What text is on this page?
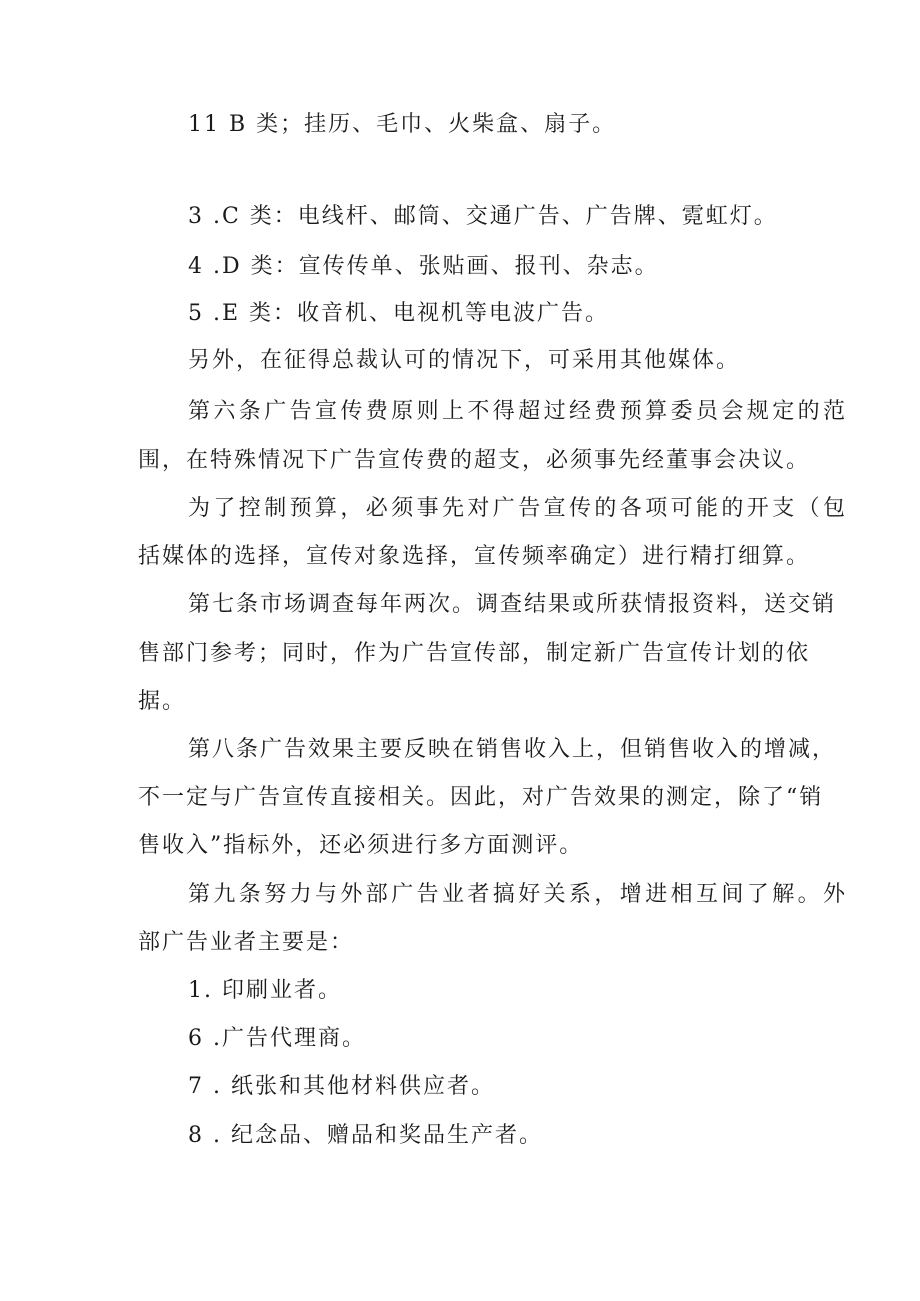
11 B 类；挂历、毛巾、火柴盒、扇子。
3 .C 类：电线杆、邮筒、交通广告、广告牌、霓虹灯。
4 .D 类：宣传传单、张贴画、报刊、杂志。
5 .E 类：收音机、电视机等电波广告。
另外，在征得总裁认可的情况下，可采用其他媒体。
第六条广告宣传费原则上不得超过经费预算委员会规定的范
围，在特殊情况下广告宣传费的超支，必须事先经董事会决议。
为了控制预算，必须事先对广告宣传的各项可能的开支（包
括媒体的选择，宣传对象选择，宣传频率确定）进行精打细算。
第七条市场调查每年两次。调查结果或所获情报资料，送交销
售部门参考；同时，作为广告宣传部，制定新广告宣传计划的依
据。
第八条广告效果主要反映在销售收入上，但销售收入的增减，
不一定与广告宣传直接相关。因此，对广告效果的测定，除了“销
售收入”指标外，还必须进行多方面测评。
第九条努力与外部广告业者搞好关系，增进相互间了解。外
部广告业者主要是：
1. 印刷业者。
6 .广告代理商。
7 . 纸张和其他材料供应者。
8 . 纪念品、赠品和奖品生产者。
